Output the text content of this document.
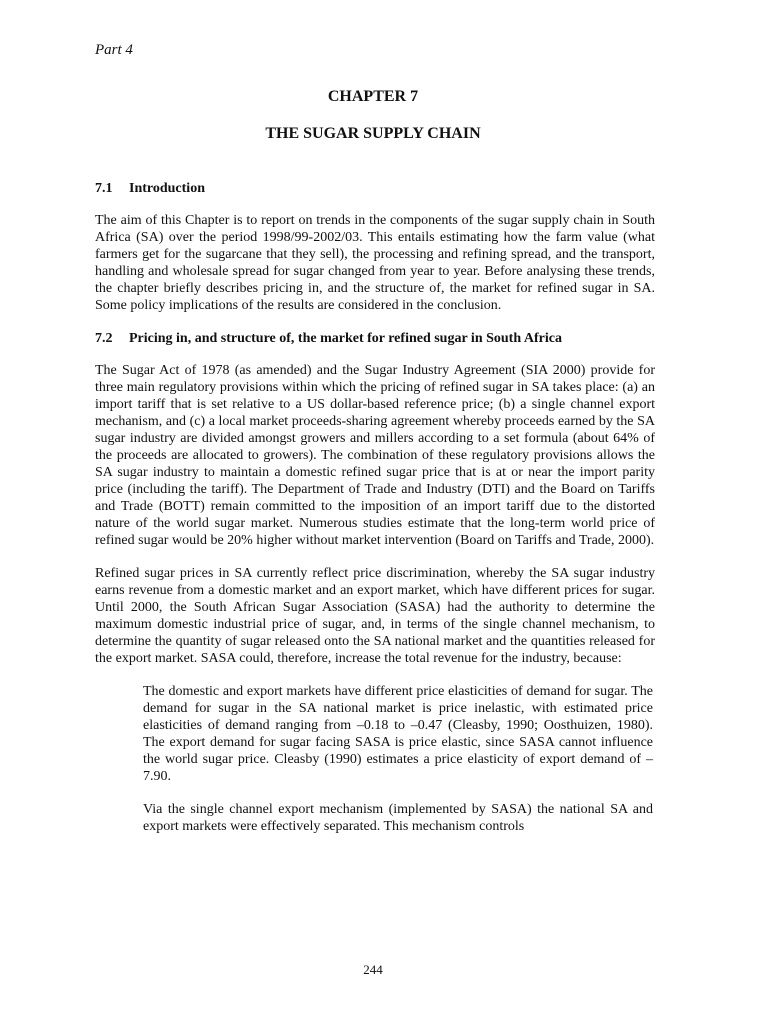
Part 4
CHAPTER 7
THE SUGAR SUPPLY CHAIN
7.1 Introduction

The aim of this Chapter is to report on trends in the components of the sugar supply chain in South Africa (SA) over the period 1998/99-2002/03. This entails estimating how the farm value (what farmers get for the sugarcane that they sell), the processing and refining spread, and the transport, handling and wholesale spread for sugar changed from year to year. Before analysing these trends, the chapter briefly describes pricing in, and the structure of, the market for refined sugar in SA. Some policy implications of the results are considered in the conclusion.

7.2 Pricing in, and structure of, the market for refined sugar in South Africa

The Sugar Act of 1978 (as amended) and the Sugar Industry Agreement (SIA 2000) provide for three main regulatory provisions within which the pricing of refined sugar in SA takes place: (a) an import tariff that is set relative to a US dollar-based reference price; (b) a single channel export mechanism, and (c) a local market proceeds-sharing agreement whereby proceeds earned by the SA sugar industry are divided amongst growers and millers according to a set formula (about 64% of the proceeds are allocated to growers). The combination of these regulatory provisions allows the SA sugar industry to maintain a domestic refined sugar price that is at or near the import parity price (including the tariff). The Department of Trade and Industry (DTI) and the Board on Tariffs and Trade (BOTT) remain committed to the imposition of an import tariff due to the distorted nature of the world sugar market. Numerous studies estimate that the long-term world price of refined sugar would be 20% higher without market intervention (Board on Tariffs and Trade, 2000).

Refined sugar prices in SA currently reflect price discrimination, whereby the SA sugar industry earns revenue from a domestic market and an export market, which have different prices for sugar. Until 2000, the South African Sugar Association (SASA) had the authority to determine the maximum domestic industrial price of sugar, and, in terms of the single channel mechanism, to determine the quantity of sugar released onto the SA national market and the quantities released for the export market. SASA could, therefore, increase the total revenue for the industry, because:

The domestic and export markets have different price elasticities of demand for sugar. The demand for sugar in the SA national market is price inelastic, with estimated price elasticities of demand ranging from –0.18 to –0.47 (Cleasby, 1990; Oosthuizen, 1980). The export demand for sugar facing SASA is price elastic, since SASA cannot influence the world sugar price. Cleasby (1990) estimates a price elasticity of export demand of –7.90.

Via the single channel export mechanism (implemented by SASA) the national SA and export markets were effectively separated. This mechanism controls

244
